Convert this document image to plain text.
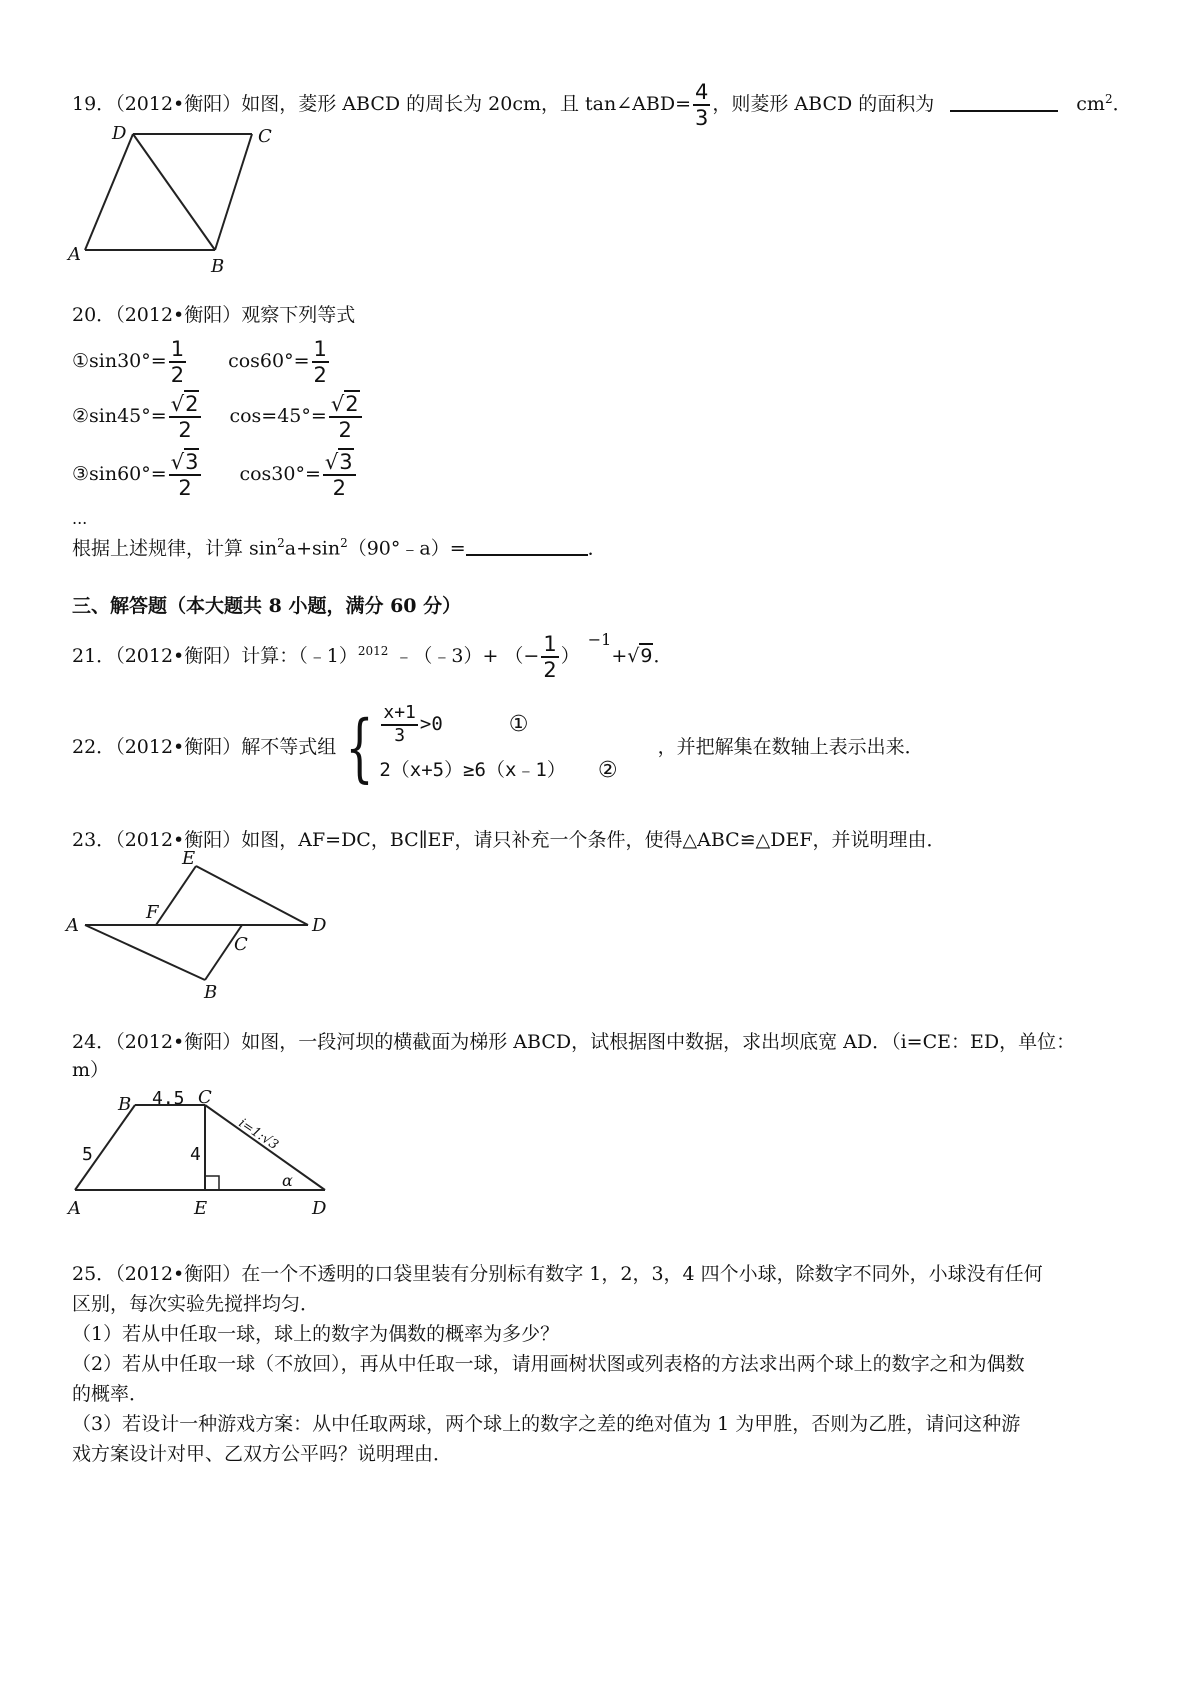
19．（2012•衡阳）如图，菱形 ABCD 的周长为 20cm，且 tan∠ABD= $\frac{4}{3}$ ，则菱形 ABCD 的面积为	$cm^2$．
A
B
C
D
20．（2012•衡阳）观察下列等式
①sin30°= $\frac{1}{2} \cos 60^\circ= \frac{1}{2}$
②sin45°= $\frac{√2}{2} \cos=45^\circ= \frac{√2}{2}$
③sin60°= $\frac{√3}{2} \cos 30^\circ= \frac{√3}{2}$
...
根据上述规律，计算 $\sin^2a+\sin^2(90^\circ﹣a)=$	．
三、解答题（本大题共 8 小题，满分 60 分）
21．（2012•衡阳）计算：（﹣1）$^{2012}$ ﹣（﹣3）+ （− $\frac{1}{2} )^{-1}+√9$．
22．（2012•衡阳）解不等式组 { $\frac{x+1}{3} >0$	①
2（x+5）≥6（x﹣1） ②
，并把解集在数轴上表示出来．
23．（2012•衡阳）如图，AF=DC，BC∥EF，请只补充一个条件，使得△ABC≌△DEF，并说明理由．
A
B
C
D
E
F
24．（2012•衡阳）如图，一段河坝的横截面为梯形 ABCD，试根据图中数据，求出坝底宽 AD．（i=CE：ED，单位：
m）
B	C
A	E	D
4.5
5	4
i=1:√3
α
25．（2012•衡阳）在一个不透明的口袋里装有分别标有数字 1，2，3，4 四个小球，除数字不同外，小球没有任何
区别，每次实验先搅拌均匀．
（1）若从中任取一球，球上的数字为偶数的概率为多少？
（2）若从中任取一球（不放回），再从中任取一球，请用画树状图或列表格的方法求出两个球上的数字之和为偶数
的概率．
（3）若设计一种游戏方案：从中任取两球，两个球上的数字之差的绝对值为 1 为甲胜，否则为乙胜，请问这种游
戏方案设计对甲、乙双方公平吗？说明理由．
